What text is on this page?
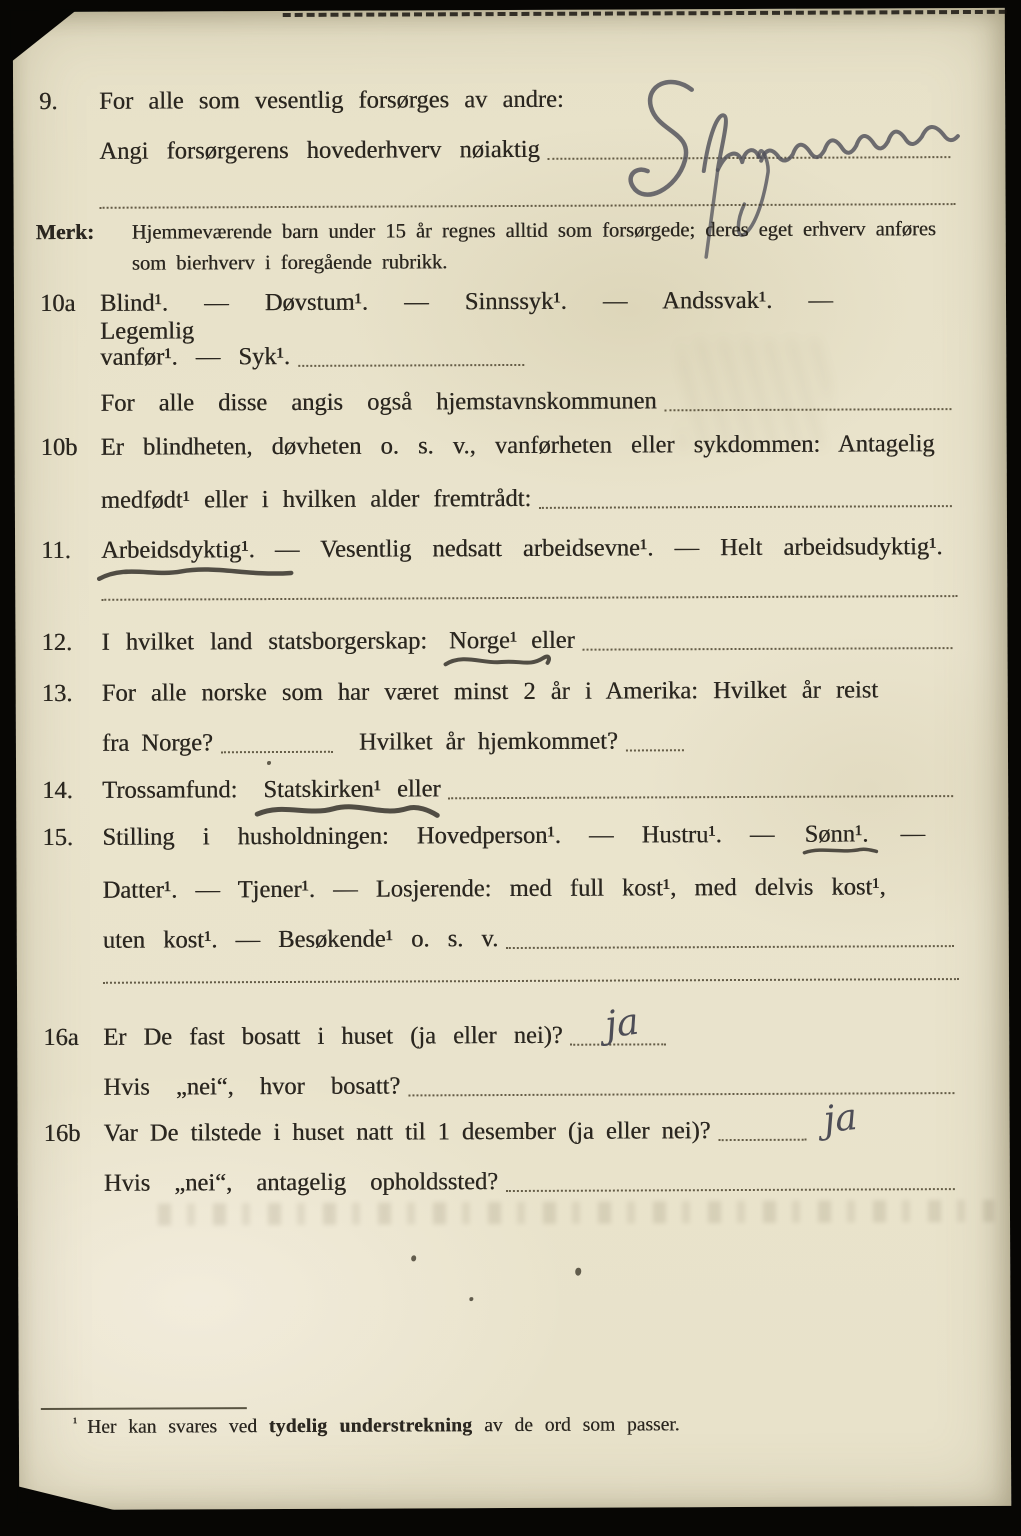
9.	For alle som vesentlig forsørges av andre:
Angi forsørgerens hovederhverv nøiaktig
Merk:	Hjemmeværende barn under 15 år regnes alltid som forsørgede; deres eget erhverv anføres som bierhverv i foregående rubrikk.
10a	Blind¹. — Døvstum¹. — Sinnssyk¹. — Andssvak¹. — Legemlig
vanfør¹. — Syk¹.
For alle disse angis også hjemstavnskommunen
10b Er blindheten, døvheten o. s. v., vanførheten eller sykdommen: Antagelig
medfødt¹ eller i hvilken alder fremtrådt:
11.	Arbeidsdyktig¹. — Vesentlig nedsatt arbeidsevne¹. — Helt arbeidsudyktig¹.
12.	I hvilket land statsborgerskap: Norge¹ eller
13.	For alle norske som har været minst 2 år i Amerika: Hvilket år reist
fra Norge?	Hvilket år hjemkommet?
14.	Trossamfund: Statskirken¹ eller
15.	Stilling i husholdningen: Hovedperson¹. — Hustru¹. — Sønn¹. —
Datter¹. — Tjener¹. — Losjerende: med full kost¹, med delvis kost¹,
uten kost¹. — Besøkende¹ o. s. v.
16a	Er De fast bosatt i huset (ja eller nei)? ja
Hvis „nei“, hvor bosatt?
16b Var De tilstede i huset natt til 1 desember (ja eller nei)?	ja
Hvis „nei“, antagelig opholdssted?
$^{^1}$ Her kan svares ved tydelig understrekning av de ord som passer.
